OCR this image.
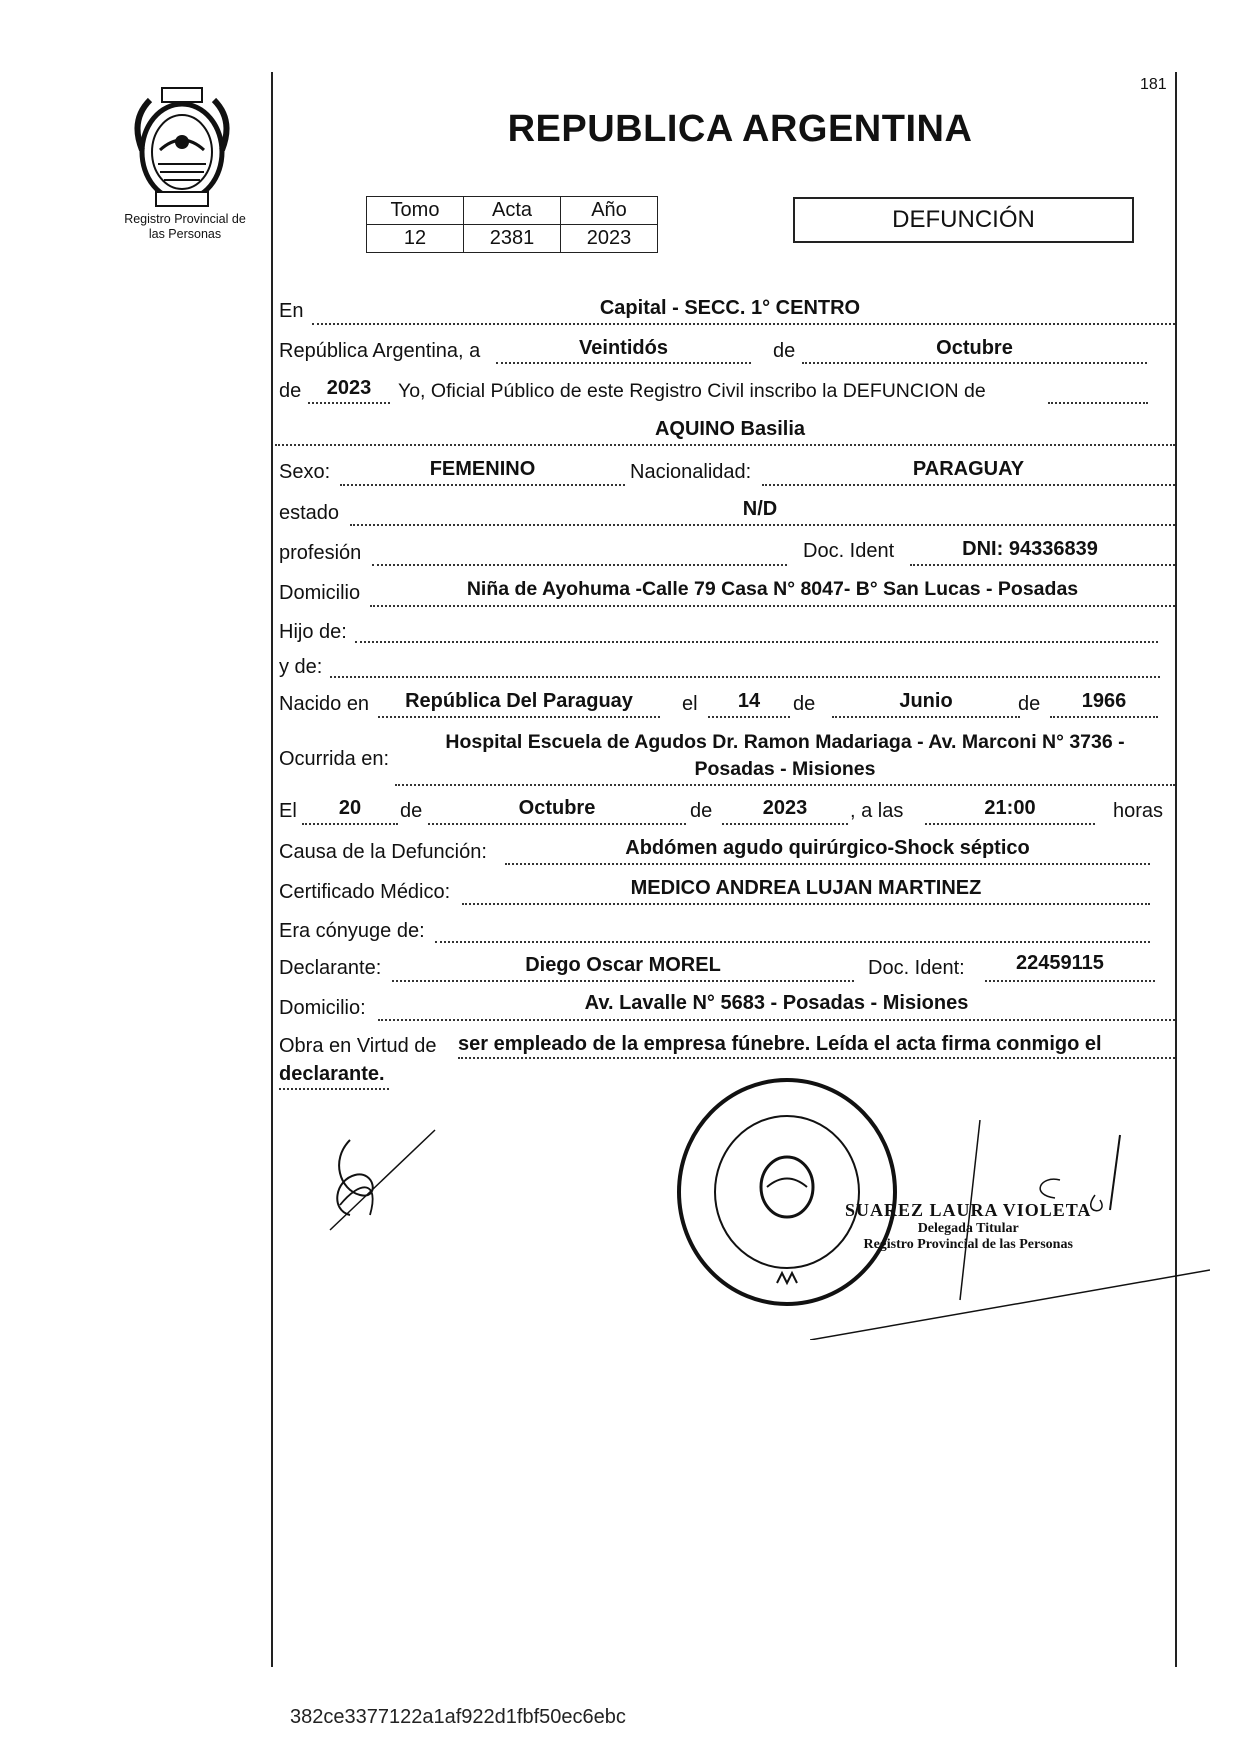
Registro Provincial de
las Personas
181
REPUBLICA ARGENTINA
Tomo	Acta	Año
12	2381	2023
DEFUNCIÓN
En	Capital - SECC. 1° CENTRO
República Argentina, a	Veintidós	de	Octubre
de	2023	Yo, Oficial Público de este Registro Civil inscribo la DEFUNCION de
AQUINO Basilia
Sexo:	FEMENINO	Nacionalidad:	PARAGUAY
estado	N/D
profesión	Doc. Ident	DNI: 94336839
Domicilio	Niña de Ayohuma -Calle 79 Casa N° 8047- B° San Lucas - Posadas
Hijo de:
y de:
Nacido en	República Del Paraguay	el	14	de	Junio	de	1966
Ocurrida en:
Hospital Escuela de Agudos Dr. Ramon Madariaga - Av. Marconi N° 3736 -
Posadas - Misiones
El	20	de	Octubre	de	2023	, a las	21:00	horas
Causa de la Defunción:	Abdómen agudo quirúrgico-Shock séptico
Certificado Médico:	MEDICO ANDREA LUJAN MARTINEZ
Era cónyuge de:
Declarante:	Diego Oscar MOREL	Doc. Ident:	22459115
Domicilio:	Av. Lavalle N° 5683 - Posadas - Misiones
Obra en Virtud de ser empleado de la empresa fúnebre. Leída el acta firma conmigo el
declarante.
SUAREZ LAURA VIOLETA
Delegada Titular
Registro Provincial de las Personas
382ce3377122a1af922d1fbf50ec6ebc
